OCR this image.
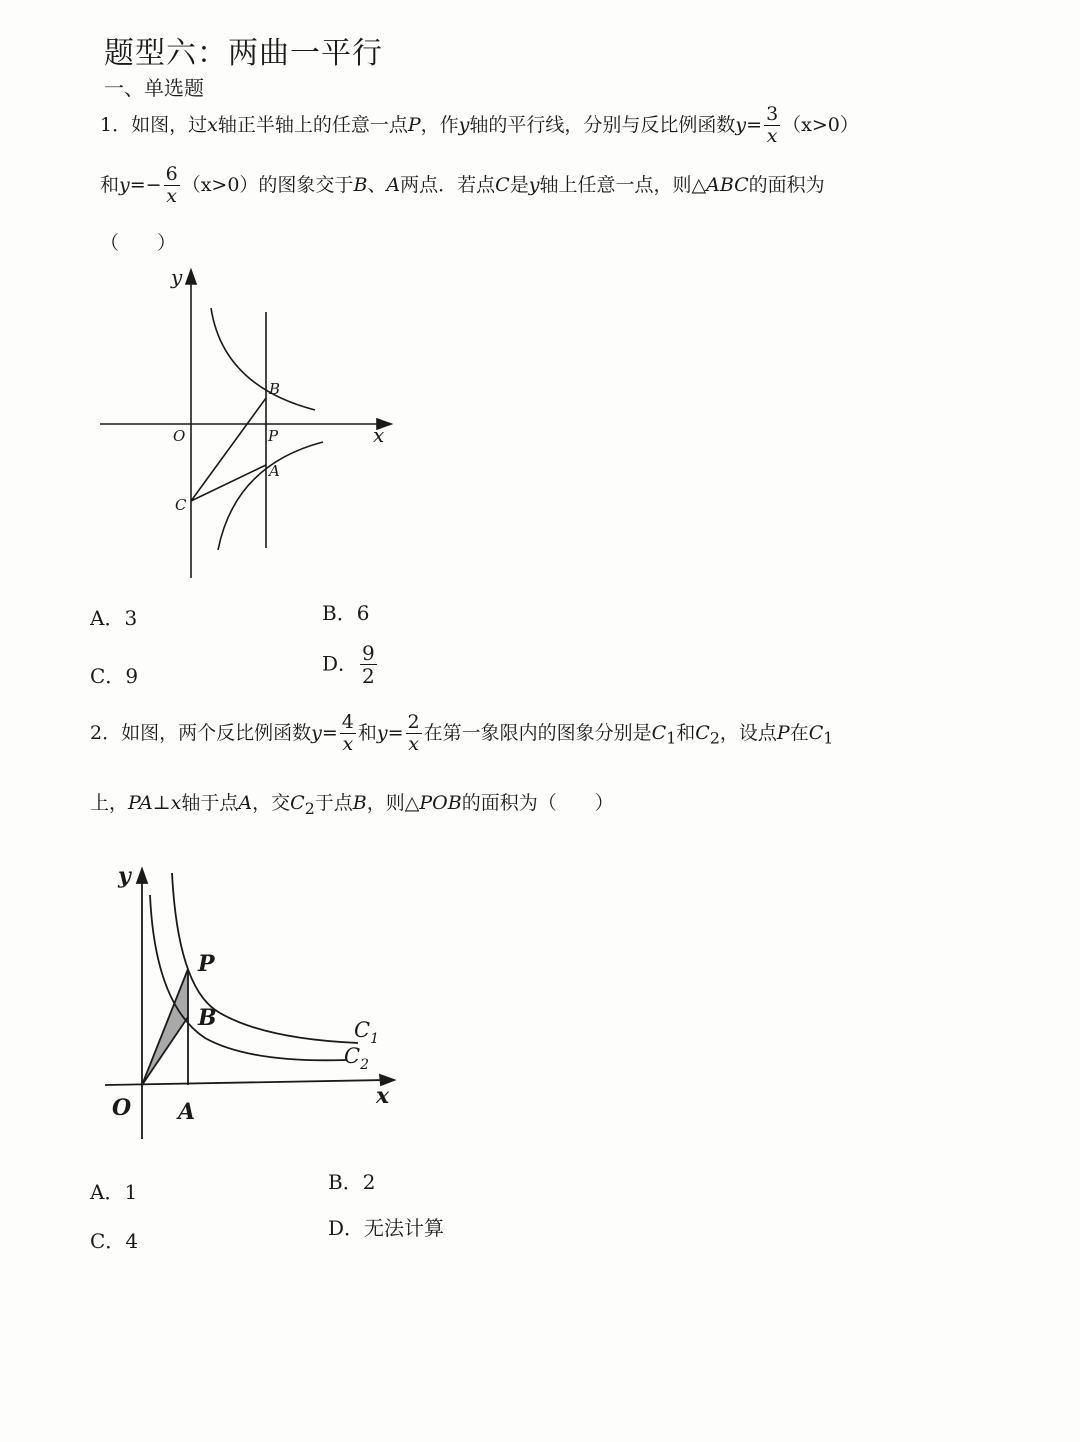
题型六：两曲一平行
一、单选题
1．如图，过x轴正半轴上的任意一点P，作y轴的平行线，分别与反比例函数$y= \frac{3}{x} (x>0)$
和$y=- \frac{6}{x} (x>0)$的图象交于B、A两点．若点C是y轴上任意一点，则△ABC的面积为
（　　）
y
x
O	P
B
A
C
A．3	B．6
C．9
D． $\frac{9}{2}$
2．如图，两个反比例函数$y= \frac{4}{x}$ 和$y= \frac{2}{x}$ 在第一象限内的图象分别是$C_1$和$C_2$，设点P在$C_1$
上，PA⊥x轴于点A，交$C_2$于点B，则△POB的面积为（　　）
y
x
O A
P
B	$C_1$
$C_2$
A．1	B．2
C．4
D．无法计算
